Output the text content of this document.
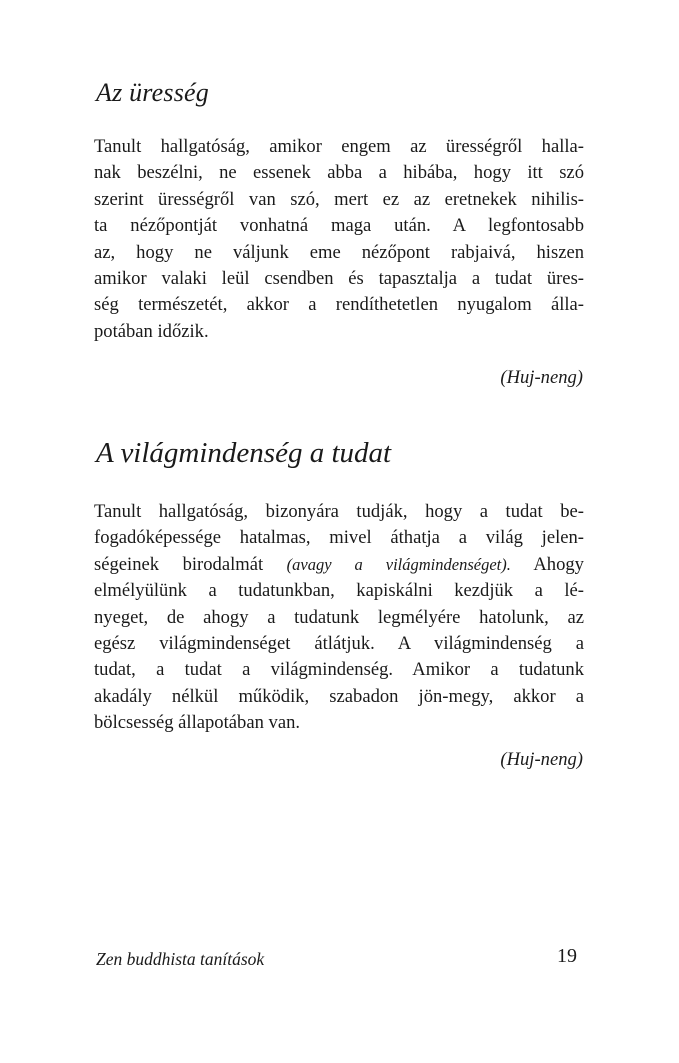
Az üresség
Tanult hallgatóság, amikor engem az ürességről halla-
nak beszélni, ne essenek abba a hibába, hogy itt szó
szerint ürességről van szó, mert ez az eretnekek nihilis-
ta nézőpontját vonhatná maga után. A legfontosabb
az, hogy ne váljunk eme nézőpont rabjaivá, hiszen
amikor valaki leül csendben és tapasztalja a tudat üres-
ség természetét, akkor a rendíthetetlen nyugalom álla-
potában időzik.
(Huj-neng)
A világmindenség a tudat
Tanult hallgatóság, bizonyára tudják, hogy a tudat be-
fogadóképessége hatalmas, mivel áthatja a világ jelen-
ségeinek birodalmát (avagy a világmindenséget). Ahogy
elmélyülünk a tudatunkban, kapiskálni kezdjük a lé-
nyeget, de ahogy a tudatunk legmélyére hatolunk, az
egész világmindenséget átlátjuk. A világmindenség a
tudat, a tudat a világmindenség. Amikor a tudatunk
akadály nélkül működik, szabadon jön-megy, akkor a
bölcsesség állapotában van.
(Huj-neng)
Zen buddhista tanítások	19
